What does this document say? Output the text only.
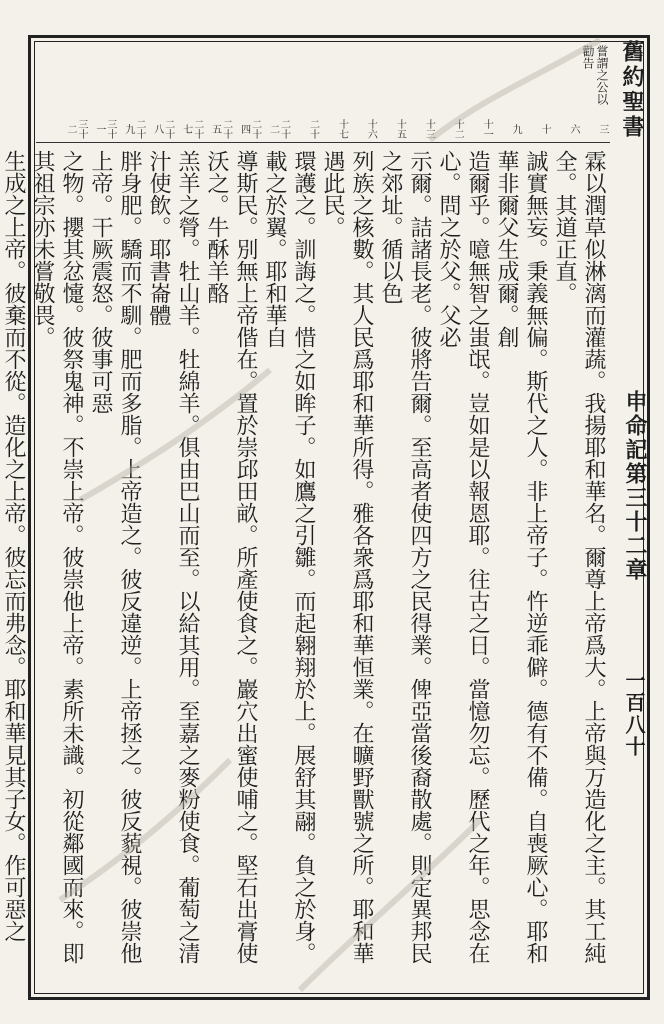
嘗謂之公以勸告	舊約聖書
申命記第三十二章
一百八十
霖以潤草似淋漓而灌蔬。我揚耶和華名。爾尊上帝爲大。上帝與万造化之主。其工純全。其道正直。
誠實無妄。秉義無偏。斯代之人。非上帝子。忤逆乖僻。德有不備。自喪厥心。耶和華非爾父生成爾。創
造爾乎。噫無智之蚩氓。豈如是以報恩耶。往古之日。當憶勿忘。歷代之年。思念在心。問之於父。父必
示爾。詰諸長老。彼將告爾。至高者使四方之民得業。俾亞當後裔散處。則定異邦民之郊址。循以色
列族之核數。其人民爲耶和華所得。雅各衆爲耶和華恒業。在曠野獸號之所。耶和華遇此民。
環護之。訓誨之。惜之如眸子。如鷹之引雛。而起翱翔於上。展舒其翮。負之於身。載之於翼。耶和華自
導斯民。別無上帝偕在。置於崇邱田畝。所產使食之。巖穴出蜜使哺之。堅石出膏使沃之。牛酥羊酪
羔羊之膋。牡山羊。牡綿羊。俱由巴山而至。以給其用。至嘉之麥粉使食。葡萄之清汁使飲。耶書崙體
胖身肥。驕而不馴。肥而多脂。上帝造之。彼反違逆。上帝拯之。彼反藐視。彼崇他上帝。干厥震怒。彼事可惡
之物。攖其忿懥。彼祭鬼神。不崇上帝。彼崇他上帝。素所未識。初從鄰國而來。即其祖宗亦未嘗敬畏。
生成之上帝。彼棄而不從。造化之上帝。彼忘而弗念。耶和華見其子女。作可惡之
三
六
十
九
十一
十二
十三
十五
十六
十七
二十
二十二
二十四
二十五
二十七
二十八
二十九
三十一
三十二
